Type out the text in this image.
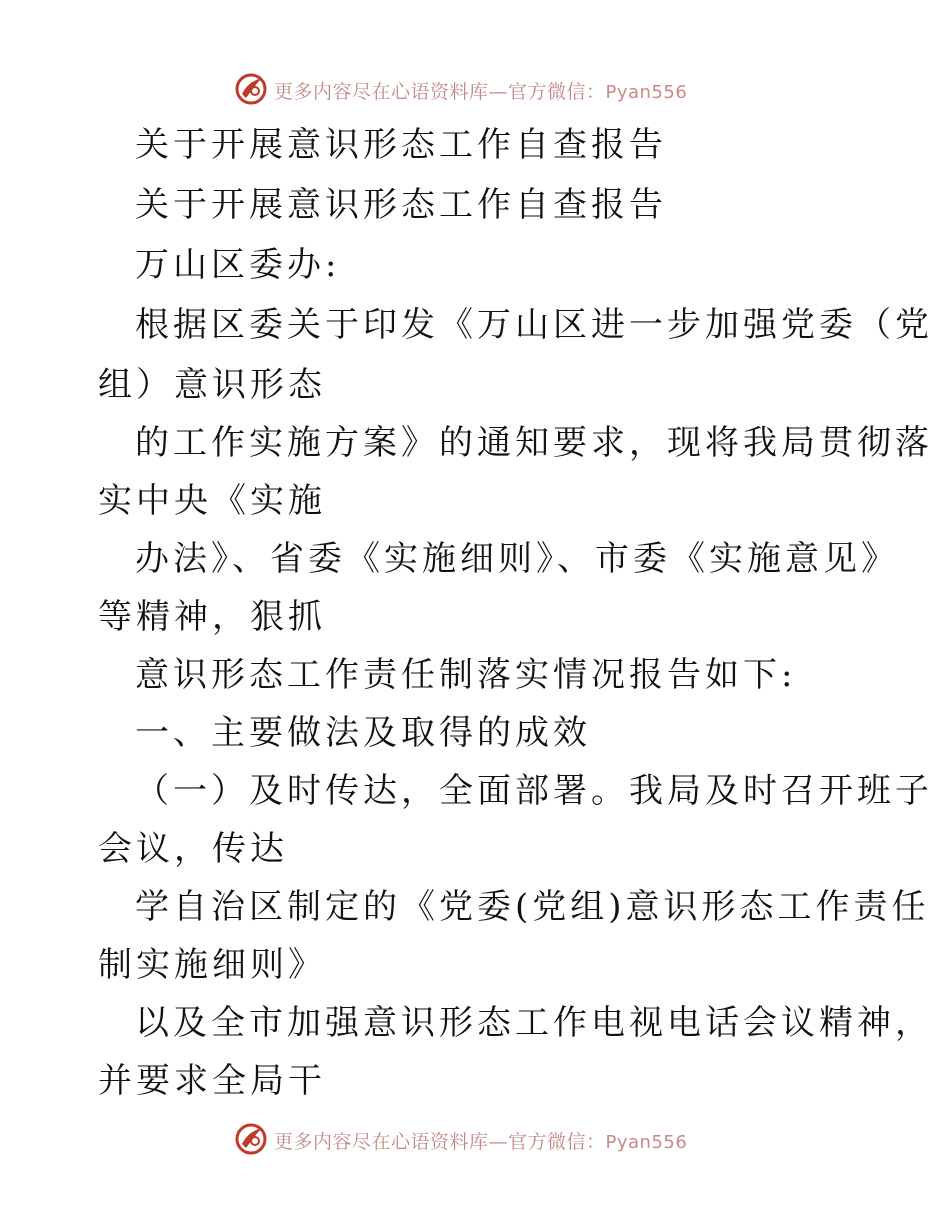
更多内容尽在心语资料库—官方微信：Pyan556
关于开展意识形态工作自查报告
关于开展意识形态工作自查报告
万山区委办:
根据区委关于印发《万山区进一步加强党委（党
组）意识形态
的工作实施方案》的通知要求，现将我局贯彻落
实中央《实施
办法》、省委《实施细则》、市委《实施意见》
等精神，狠抓
意识形态工作责任制落实情况报告如下:
一、主要做法及取得的成效
（一）及时传达，全面部署。我局及时召开班子
会议，传达
学自治区制定的《党委(党组)意识形态工作责任
制实施细则》
以及全市加强意识形态工作电视电话会议精神，
并要求全局干
更多内容尽在心语资料库—官方微信：Pyan556
